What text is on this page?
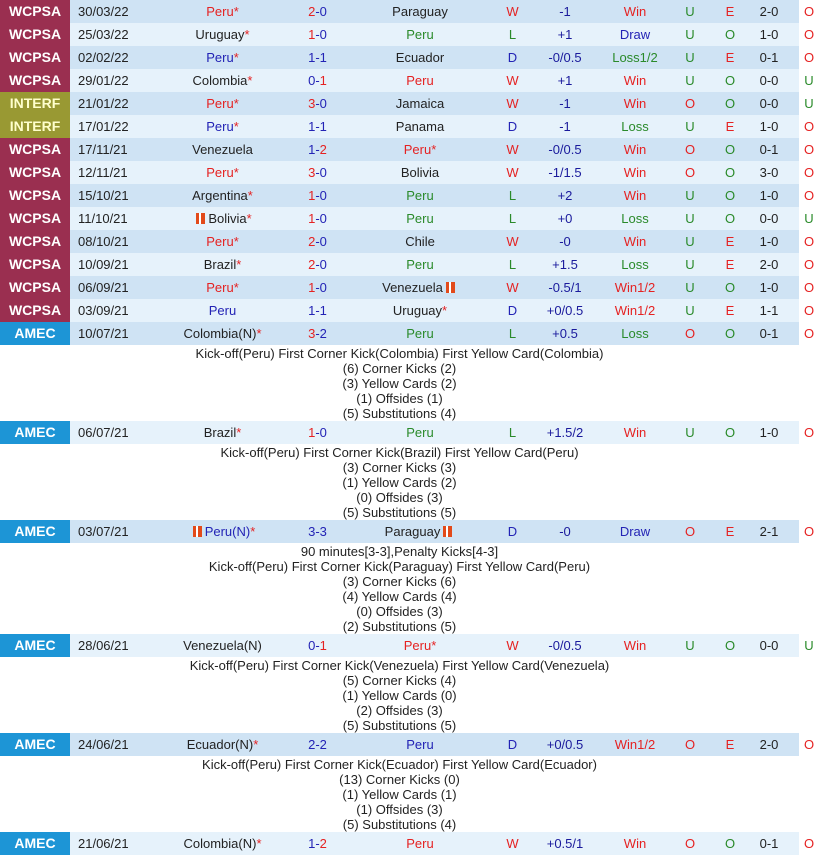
WCPSA	30/03/22	Peru*	2-0	Paraguay	W	-1	Win	U	E	2-0	O
WCPSA	25/03/22	Uruguay*	1-0	Peru	L	+1	Draw	U	O	1-0	O
WCPSA	02/02/22	Peru*	1-1	Ecuador	D	-0/0.5	Loss1/2	U	E	0-1	O
WCPSA	29/01/22	Colombia*	0-1	Peru	W	+1	Win	U	O	0-0	U
INTERF	21/01/22	Peru*	3-0	Jamaica	W	-1	Win	O	O	0-0	U
INTERF	17/01/22	Peru*	1-1	Panama	D	-1	Loss	U	E	1-0	O
WCPSA	17/11/21	Venezuela	1-2	Peru*	W	-0/0.5	Win	O	O	0-1	O
WCPSA	12/11/21	Peru*	3-0	Bolivia	W	-1/1.5	Win	O	O	3-0	O
WCPSA	15/10/21	Argentina*	1-0	Peru	L	+2	Win	U	O	1-0	O
WCPSA	11/10/21	Bolivia*	1-0	Peru	L	+0	Loss	U	O	0-0	U
WCPSA	08/10/21	Peru*	2-0	Chile	W	-0	Win	U	E	1-0	O
WCPSA	10/09/21	Brazil*	2-0	Peru	L	+1.5	Loss	U	E	2-0	O
WCPSA	06/09/21	Peru*	1-0	Venezuela	W	-0.5/1	Win1/2	U	O	1-0	O
WCPSA	03/09/21	Peru	1-1	Uruguay*	D	+0/0.5	Win1/2	U	E	1-1	O
AMEC	10/07/21	Colombia(N)*	3-2	Peru	L	+0.5	Loss	O	O	0-1	O
Kick-off(Peru) First Corner Kick(Colombia) First Yellow Card(Colombia)
(6) Corner Kicks (2)
(3) Yellow Cards (2)
(1) Offsides (1)
(5) Substitutions (4)
AMEC	06/07/21	Brazil*	1-0	Peru	L	+1.5/2	Win	U	O	1-0	O
Kick-off(Peru) First Corner Kick(Brazil) First Yellow Card(Peru)
(3) Corner Kicks (3)
(1) Yellow Cards (2)
(0) Offsides (3)
(5) Substitutions (5)
AMEC	03/07/21	Peru(N)*	3-3	Paraguay	D	-0	Draw	O	E	2-1	O
90 minutes[3-3],Penalty Kicks[4-3]
Kick-off(Peru) First Corner Kick(Paraguay) First Yellow Card(Peru)
(3) Corner Kicks (6)
(4) Yellow Cards (4)
(0) Offsides (3)
(2) Substitutions (5)
AMEC	28/06/21	Venezuela(N)	0-1	Peru*	W	-0/0.5	Win	U	O	0-0	U
Kick-off(Peru) First Corner Kick(Venezuela) First Yellow Card(Venezuela)
(5) Corner Kicks (4)
(1) Yellow Cards (0)
(2) Offsides (3)
(5) Substitutions (5)
AMEC	24/06/21	Ecuador(N)*	2-2	Peru	D	+0/0.5	Win1/2	O	E	2-0	O
Kick-off(Peru) First Corner Kick(Ecuador) First Yellow Card(Ecuador)
(13) Corner Kicks (0)
(1) Yellow Cards (1)
(1) Offsides (3)
(5) Substitutions (4)
AMEC	21/06/21	Colombia(N)*	1-2	Peru	W	+0.5/1	Win	O	O	0-1	O
